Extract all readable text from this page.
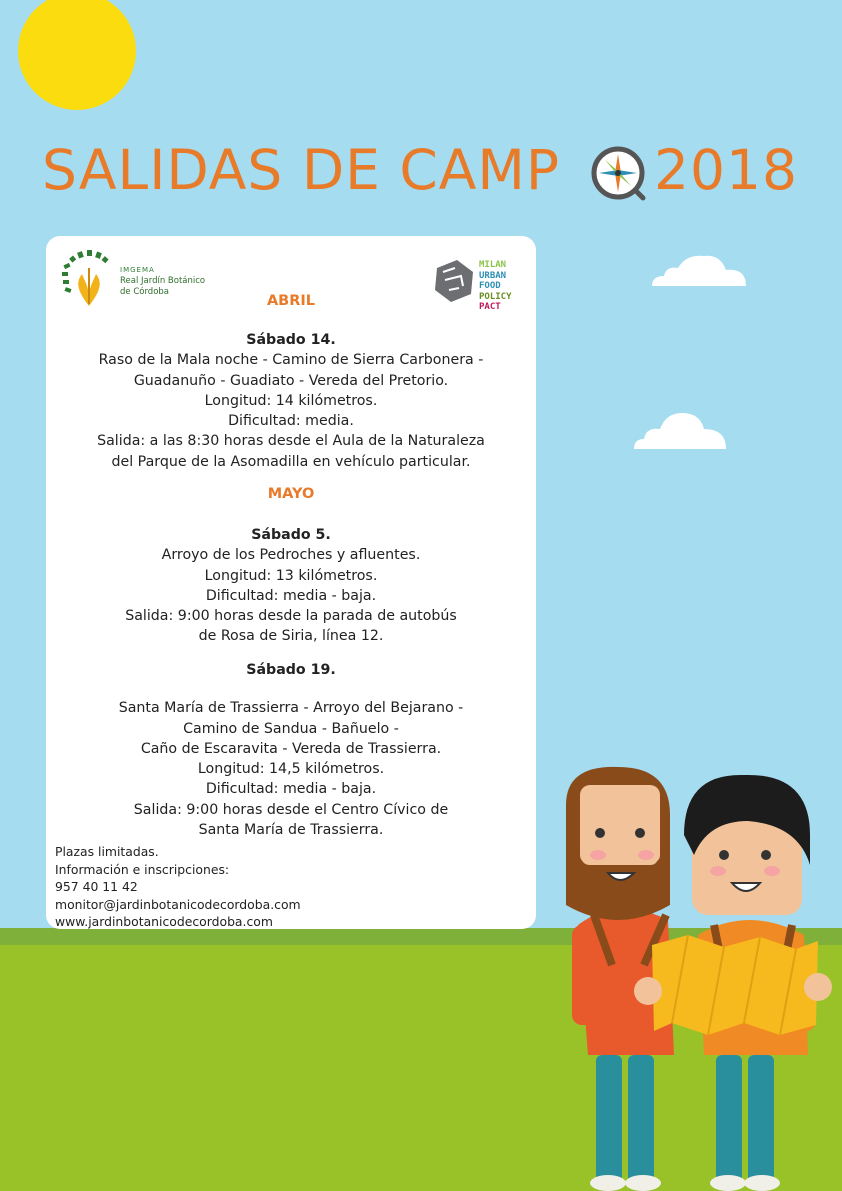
SALIDAS DE CAMP 2018
IMGEMA
Real Jardín Botánico
de Córdoba
MILAN
URBAN
FOOD
POLICY
PACT
ABRIL
Sábado 14.
Raso de la Mala noche - Camino de Sierra Carbonera -
Guadanuño - Guadiato - Vereda del Pretorio.
Longitud: 14 kilómetros.
Dificultad: media.
Salida: a las 8:30 horas desde el Aula de la Naturaleza
del Parque de la Asomadilla en vehículo particular.
MAYO
Sábado 5.
Arroyo de los Pedroches y afluentes.
Longitud: 13 kilómetros.
Dificultad: media - baja.
Salida: 9:00 horas desde la parada de autobús
de Rosa de Siria, línea 12.
Sábado 19.
Santa María de Trassierra - Arroyo del Bejarano -
Camino de Sandua - Bañuelo -
Caño de Escaravita - Vereda de Trassierra.
Longitud: 14,5 kilómetros.
Dificultad: media - baja.
Salida: 9:00 horas desde el Centro Cívico de
Santa María de Trassierra.
Plazas limitadas.
Información e inscripciones:
957 40 11 42
monitor@jardinbotanicodecordoba.com
www.jardinbotanicodecordoba.com
